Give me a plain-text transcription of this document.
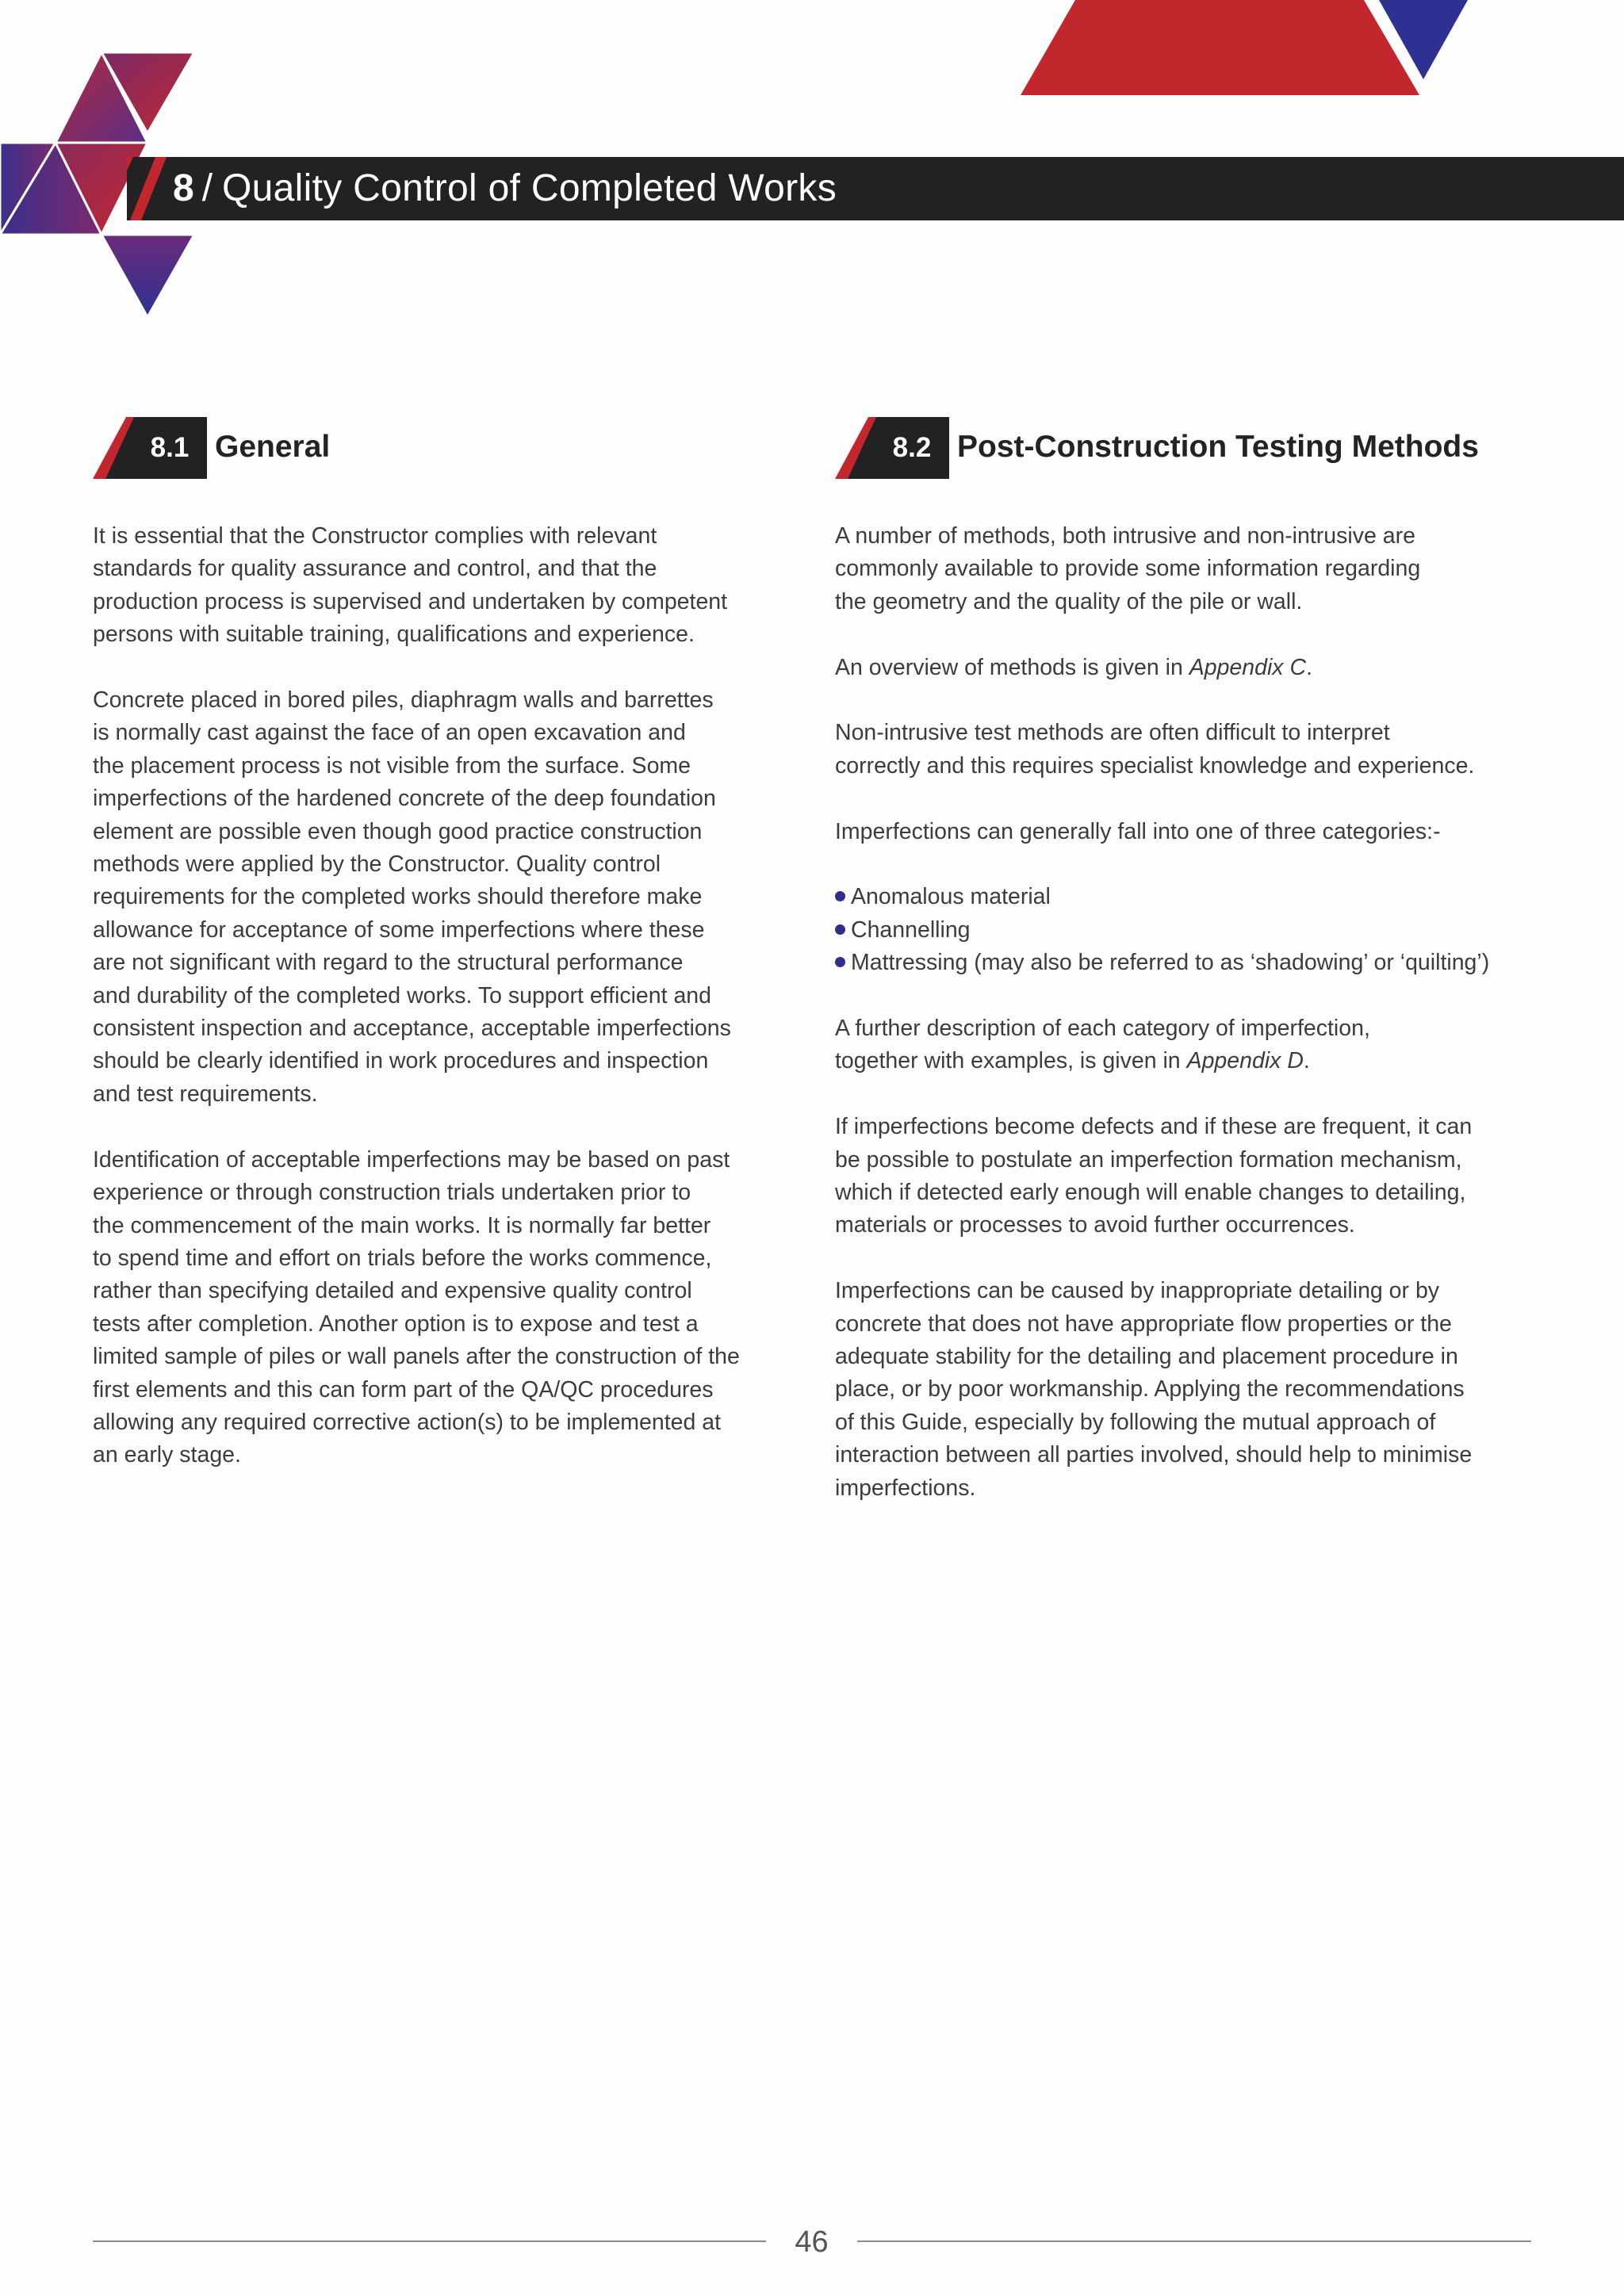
8 / Quality Control of Completed Works
8.1 General

It is essential that the Constructor complies with relevant
standards for quality assurance and control, and that the
production process is supervised and undertaken by competent
persons with suitable training, qualifications and experience.

Concrete placed in bored piles, diaphragm walls and barrettes
is normally cast against the face of an open excavation and
the placement process is not visible from the surface. Some
imperfections of the hardened concrete of the deep foundation
element are possible even though good practice construction
methods were applied by the Constructor. Quality control
requirements for the completed works should therefore make
allowance for acceptance of some imperfections where these
are not significant with regard to the structural performance
and durability of the completed works. To support efficient and
consistent inspection and acceptance, acceptable imperfections
should be clearly identified in work procedures and inspection
and test requirements.

Identification of acceptable imperfections may be based on past
experience or through construction trials undertaken prior to
the commencement of the main works. It is normally far better
to spend time and effort on trials before the works commence,
rather than specifying detailed and expensive quality control
tests after completion. Another option is to expose and test a
limited sample of piles or wall panels after the construction of the
first elements and this can form part of the QA/QC procedures
allowing any required corrective action(s) to be implemented at
an early stage.

8.2 Post-Construction Testing Methods

A number of methods, both intrusive and non-intrusive are
commonly available to provide some information regarding
the geometry and the quality of the pile or wall.

An overview of methods is given in Appendix C.

Non-intrusive test methods are often difficult to interpret
correctly and this requires specialist knowledge and experience.

Imperfections can generally fall into one of three categories:-

Anomalous material
Channelling
Mattressing (may also be referred to as ‘shadowing’ or ‘quilting’)

A further description of each category of imperfection,
together with examples, is given in Appendix D.

If imperfections become defects and if these are frequent, it can
be possible to postulate an imperfection formation mechanism,
which if detected early enough will enable changes to detailing,
materials or processes to avoid further occurrences.

Imperfections can be caused by inappropriate detailing or by
concrete that does not have appropriate flow properties or the
adequate stability for the detailing and placement procedure in
place, or by poor workmanship. Applying the recommendations
of this Guide, especially by following the mutual approach of
interaction between all parties involved, should help to minimise
imperfections.

46
